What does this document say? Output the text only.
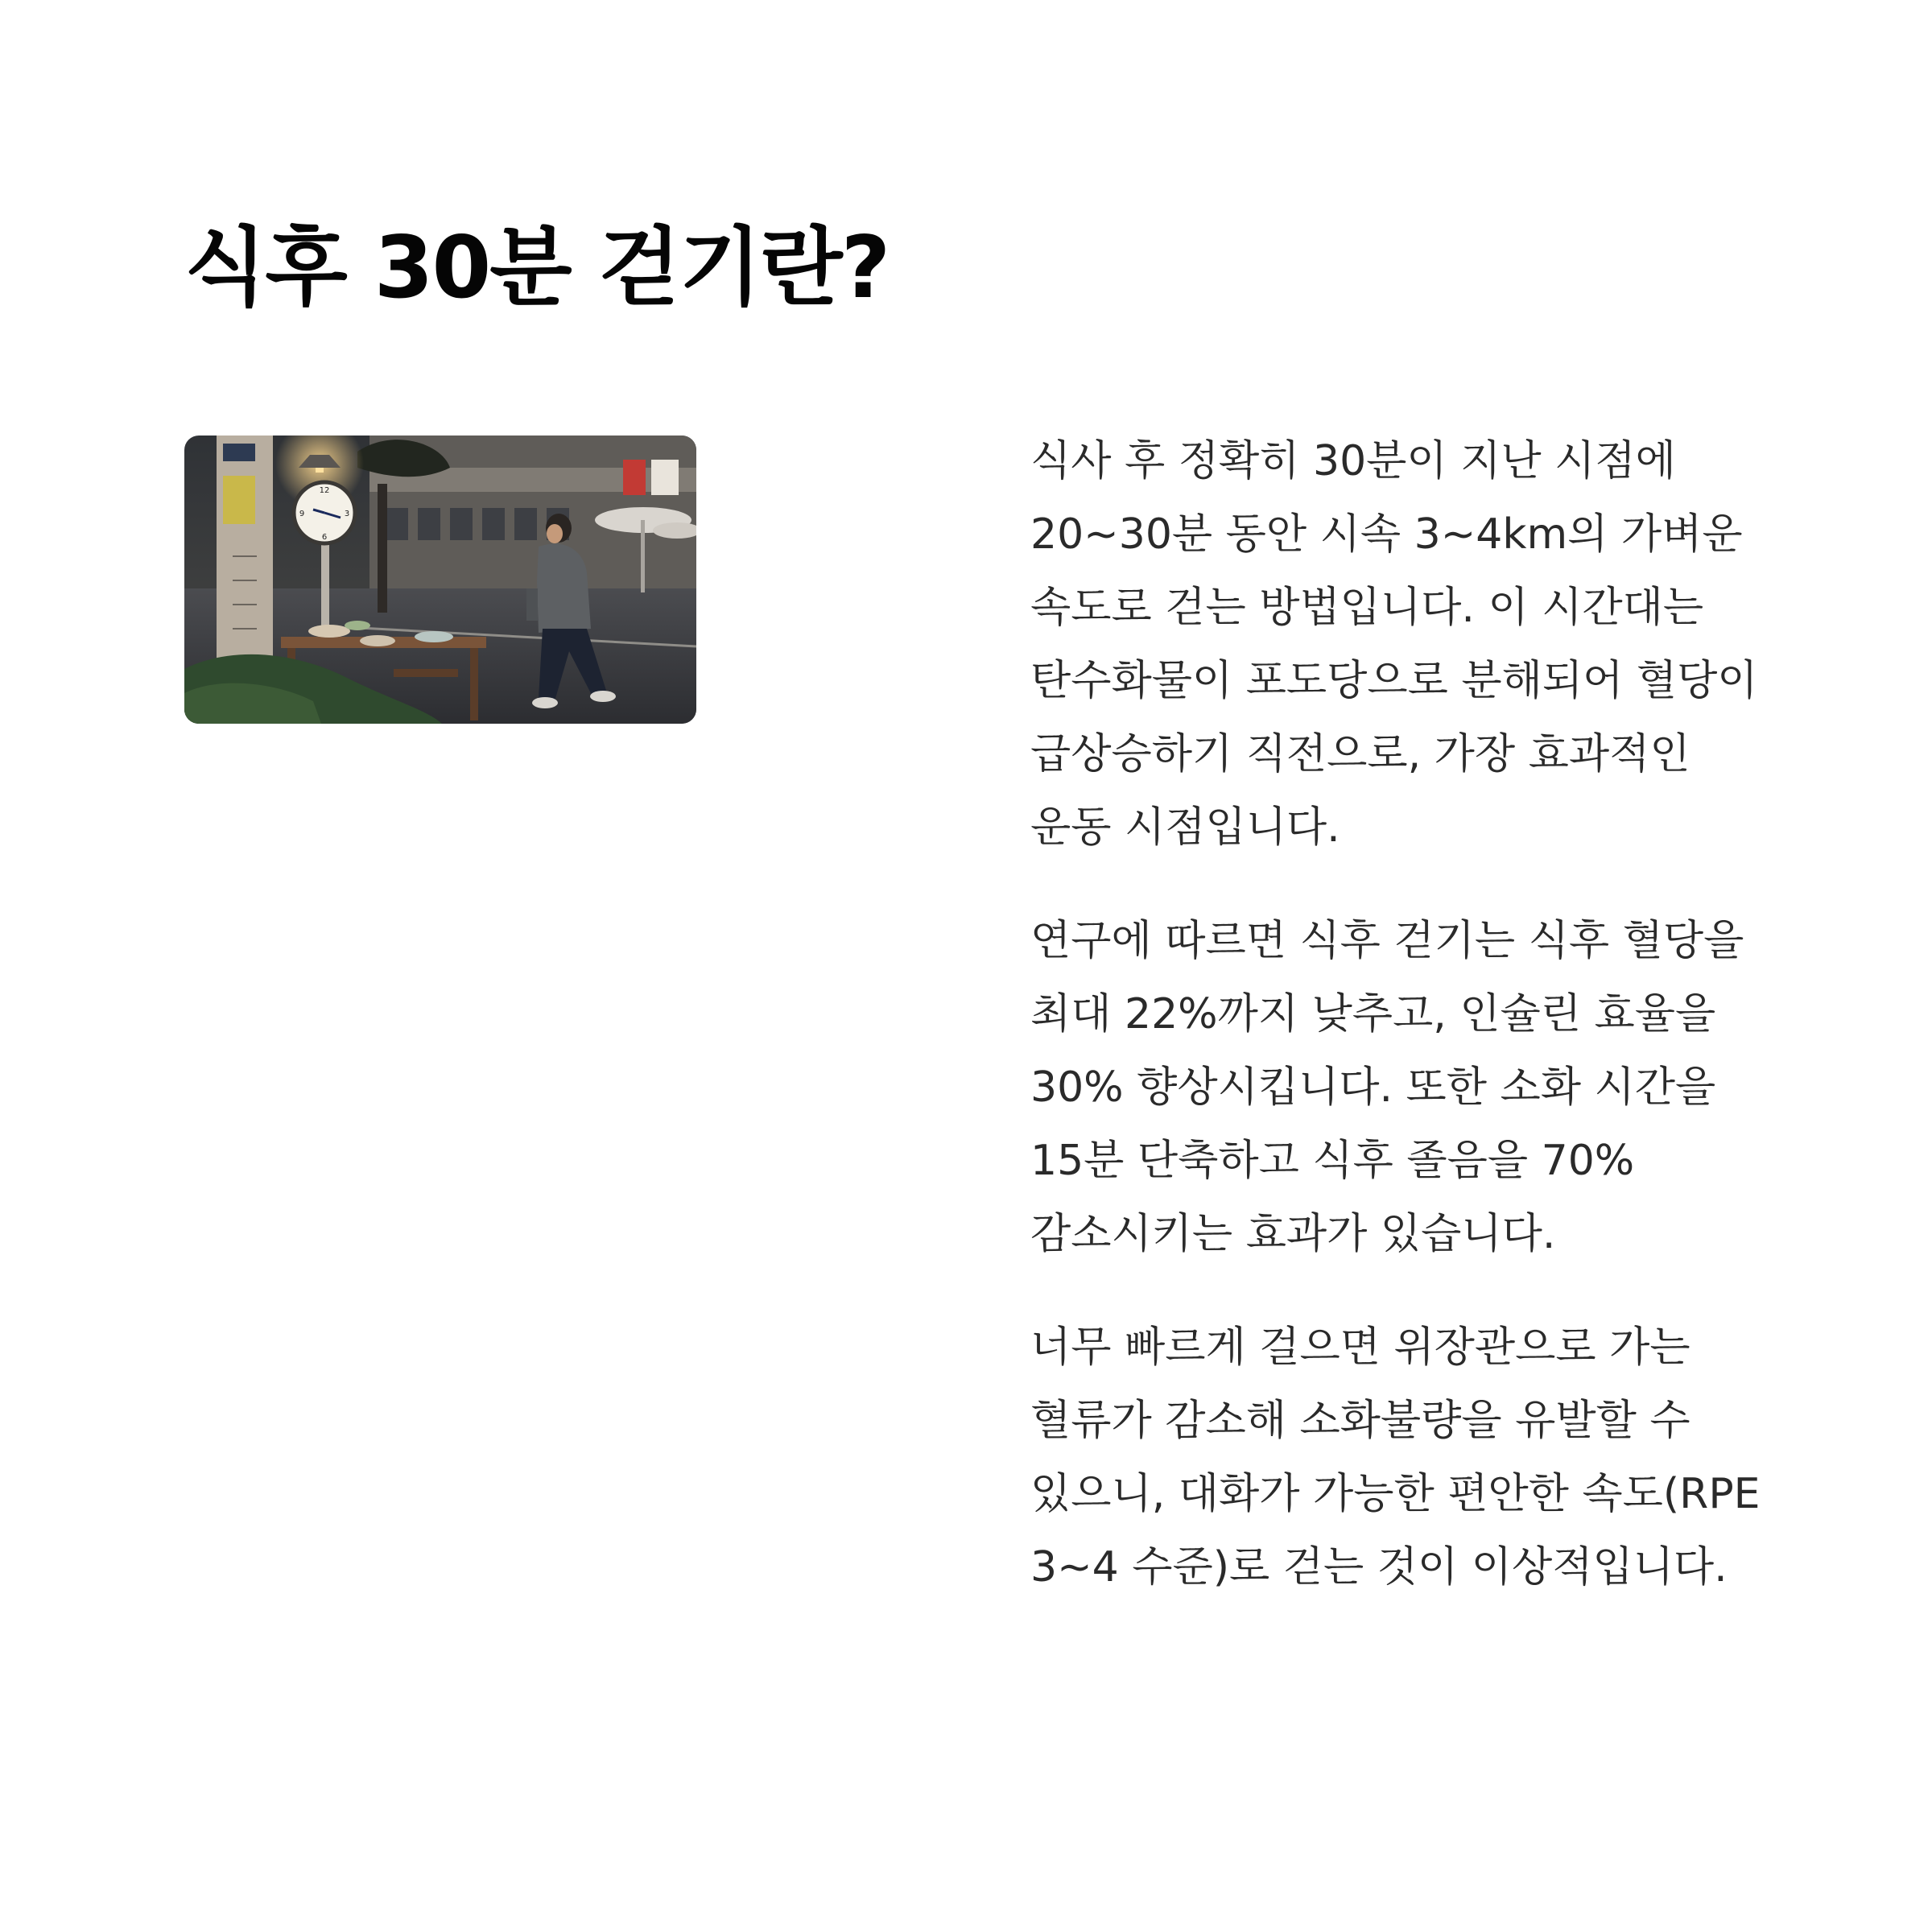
식후 30분 걷기란?
12
3
6
9

식사 후 정확히 30분이 지난 시점에 20~30분 동안 시속 3~4km의 가벼운 속도로 걷는 방법입니다. 이 시간대는 탄수화물이 포도당으로 분해되어 혈당이 급상승하기 직전으로, 가장 효과적인 운동 시점입니다.

연구에 따르면 식후 걷기는 식후 혈당을 최대 22%까지 낮추고, 인슐린 효율을 30% 향상시킵니다. 또한 소화 시간을 15분 단축하고 식후 졸음을 70% 감소시키는 효과가 있습니다.

너무 빠르게 걸으면 위장관으로 가는 혈류가 감소해 소화불량을 유발할 수 있으니, 대화가 가능한 편안한 속도(RPE 3~4 수준)로 걷는 것이 이상적입니다.
